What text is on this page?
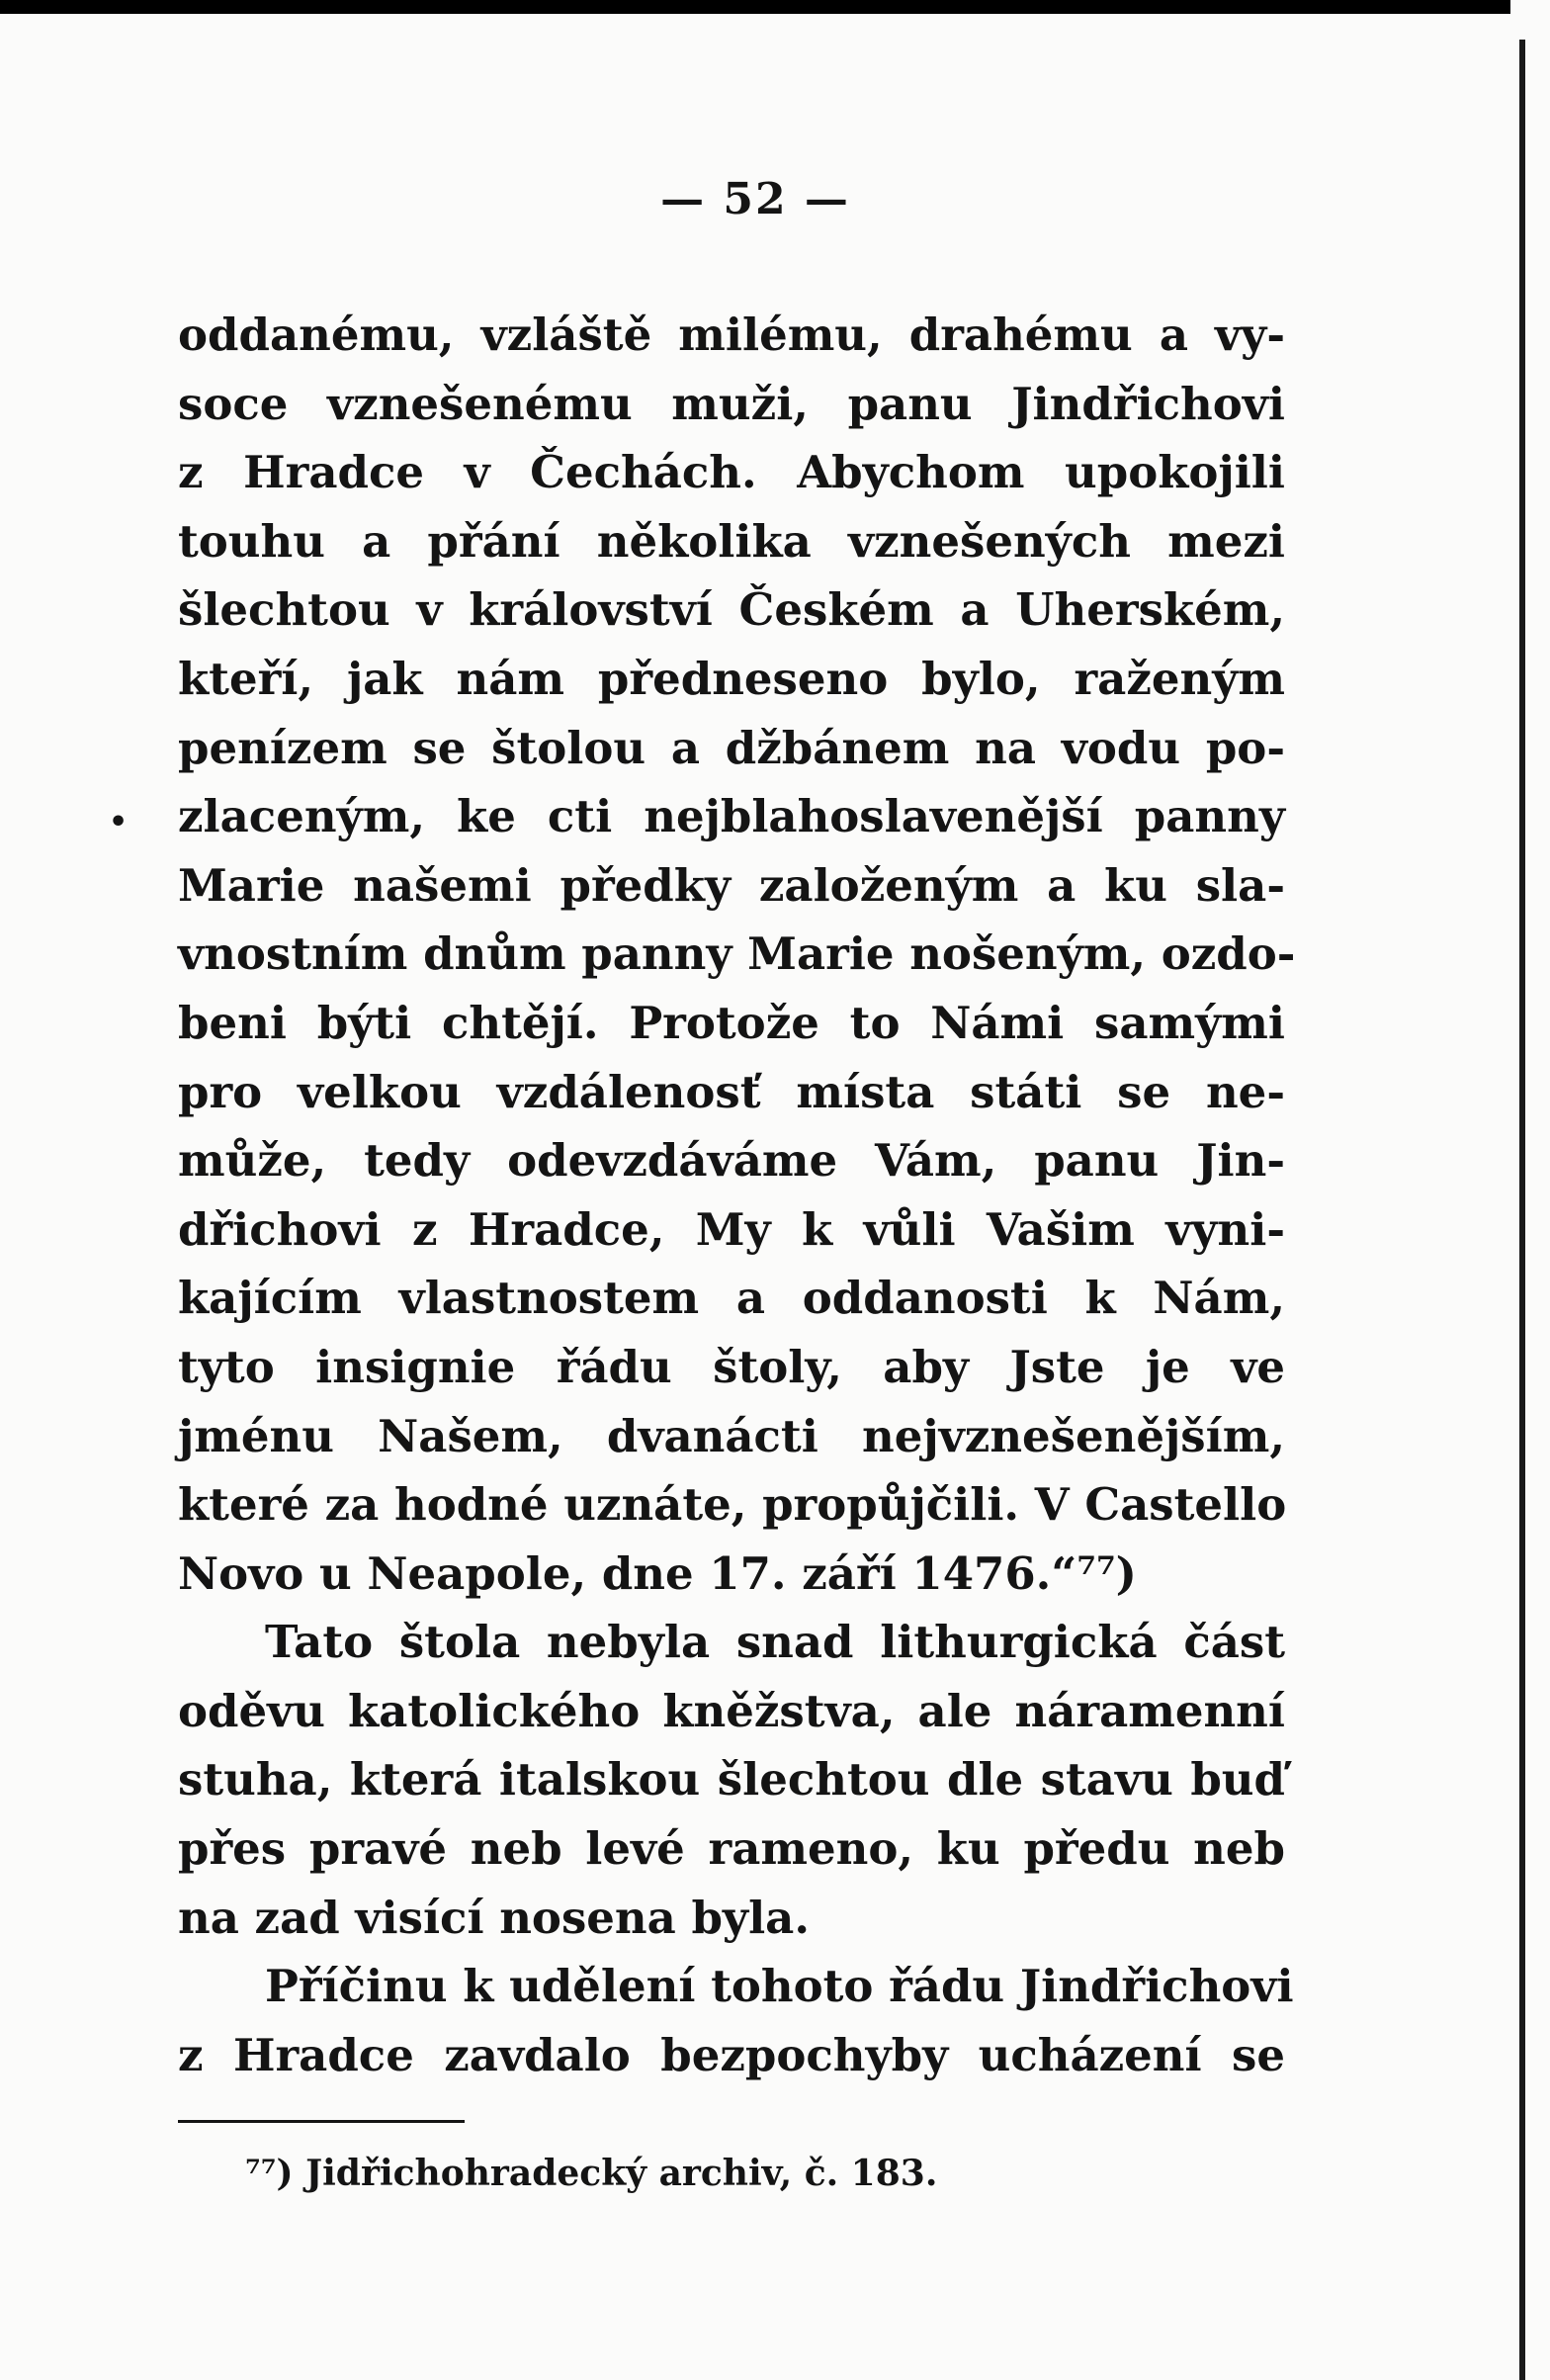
— 52 —
•
oddanému, vzláště milému, drahému a vy-
soce vznešenému muži, panu Jindřichovi
z Hradce v Čechách. Abychom upokojili
touhu a přání několika vznešených mezi
šlechtou v království Českém a Uherském,
kteří, jak nám předneseno bylo, raženým
penízem se štolou a džbánem na vodu po-
zlaceným, ke cti nejblahoslavenější panny
Marie našemi předky založeným a ku sla-
vnostním dnům panny Marie nošeným, ozdo-
beni býti chtějí. Protože to Námi samými
pro velkou vzdálenosť místa státi se ne-
může, tedy odevzdáváme Vám, panu Jin-
dřichovi z Hradce, My k vůli Vašim vyni-
kajícím vlastnostem a oddanosti k Nám,
tyto insignie řádu štoly, aby Jste je ve
jménu Našem, dvanácti nejvznešenějším,
které za hodné uznáte, propůjčili. V Castello
Novo u Neapole, dne 17. září 1476.“⁷⁷)
Tato štola nebyla snad lithurgická část
oděvu katolického kněžstva, ale náramenní
stuha, která italskou šlechtou dle stavu buď
přes pravé neb levé rameno, ku předu neb
na zad visící nosena byla.
Příčinu k udělení tohoto řádu Jindřichovi
z Hradce zavdalo bezpochyby ucházení se
⁷⁷) Jidřichohradecký archiv, č. 183.
